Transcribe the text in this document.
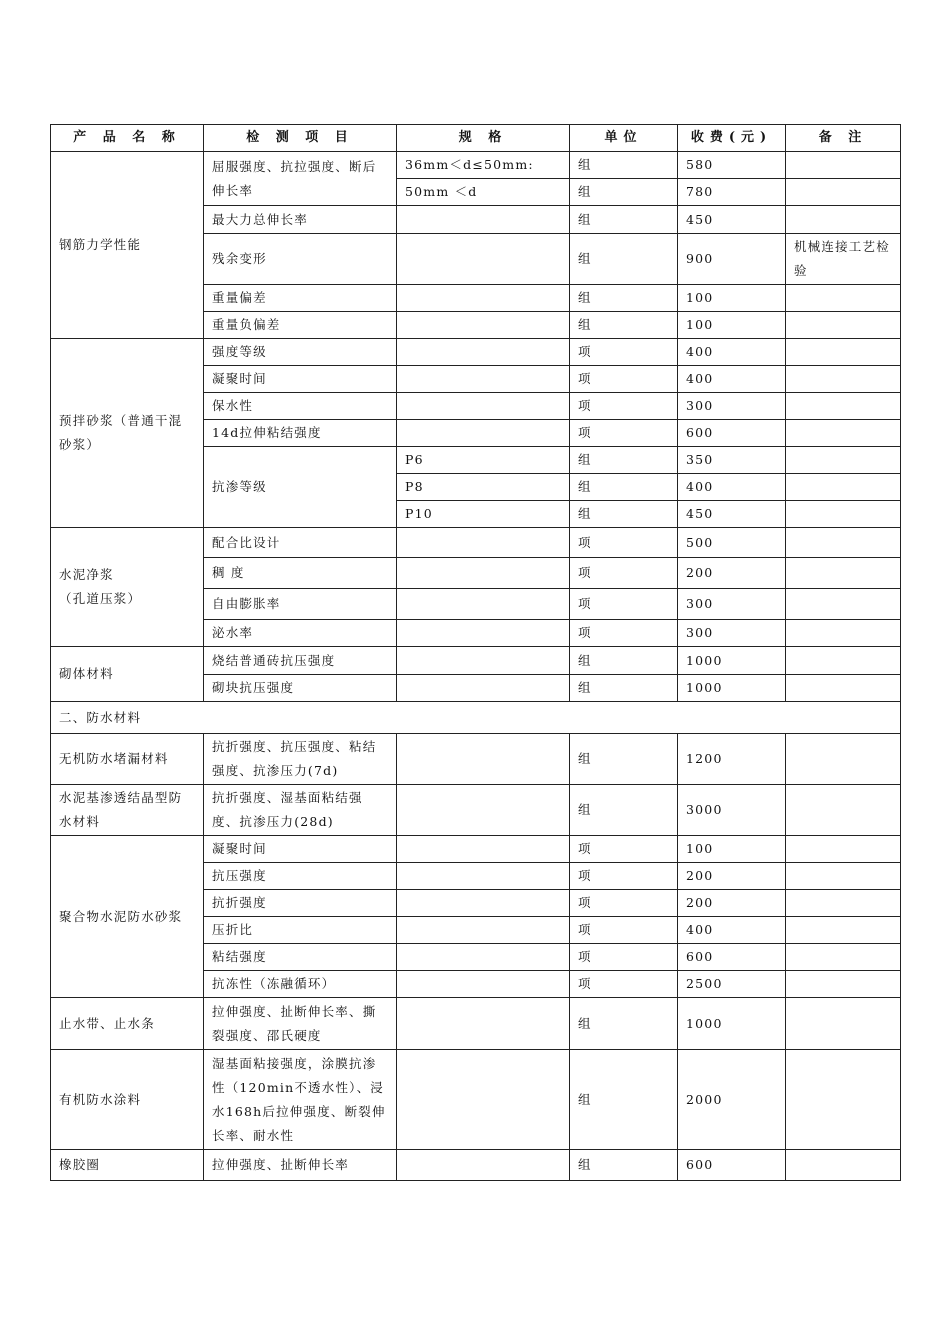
产 品 名 称	检 测 项 目	规 格	单位	收费(元)	备 注
钢筋力学性能	屈服强度、抗拉强度、断后伸长率	36mm＜d≤50mm:	组	580	
		50mm ＜d	组	780	
	最大力总伸长率		组	450	
	残余变形		组	900	机械连接工艺检验
	重量偏差		组	100	
	重量负偏差		组	100	
预拌砂浆（普通干混砂浆）	强度等级		项	400	
	凝聚时间		项	400	
	保水性		项	300	
	14d拉伸粘结强度		项	600	
	抗渗等级	P6	组	350	
		P8	组	400	
		P10	组	450	

水泥净浆
（孔道压浆）	配合比设计		项	500	
	稠 度		项	200	
	自由膨胀率		项	300	
	泌水率		项	300	
砌体材料	烧结普通砖抗压强度		组	1000	
	砌块抗压强度		组	1000	
二、防水材料					
无机防水堵漏材料	抗折强度、抗压强度、粘结强度、抗渗压力(7d)		组	1200	
水泥基渗透结晶型防水材料	抗折强度、湿基面粘结强度、抗渗压力(28d)		组	3000	
聚合物水泥防水砂浆	凝聚时间		项	100	
	抗压强度		项	200	
	抗折强度		项	200	
	压折比		项	400	
	粘结强度		项	600	
	抗冻性（冻融循环）		项	2500	
止水带、止水条	拉伸强度、扯断伸长率、撕裂强度、邵氏硬度		组	1000	
有机防水涂料	湿基面粘接强度，涂膜抗渗性（120min不透水性）、浸水168h后拉伸强度、断裂伸长率、耐水性		组	2000	
橡胶圈	拉伸强度、扯断伸长率		组	600	
